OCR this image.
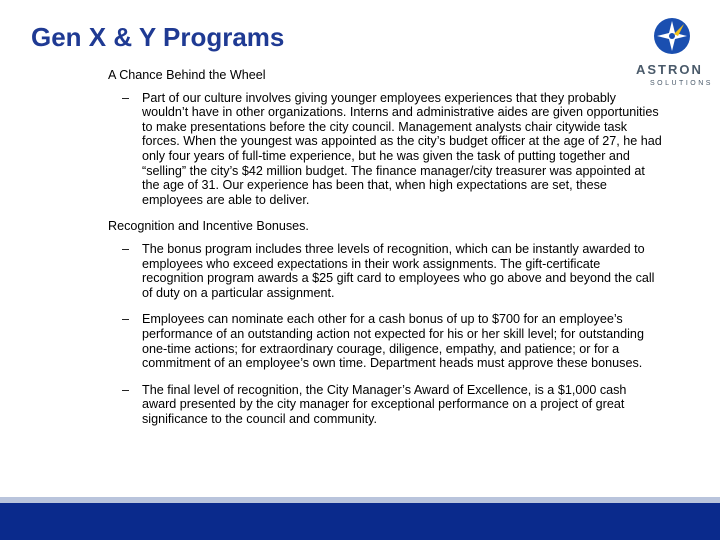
Gen X & Y Programs
ASTRON
SOLUTIONS

A Chance Behind the Wheel

– Part of our culture involves giving younger employees experiences that they probably wouldn’t have in other organizations. Interns and administrative aides are given opportunities to make presentations before the city council. Management analysts chair citywide task forces. When the youngest was appointed as the city’s budget officer at the age of 27, he had only four years of full-time experience, but he was given the task of putting together and “selling” the city’s $42 million budget. The finance manager/city treasurer was appointed at the age of 31. Our experience has been that, when high expectations are set, these employees are able to deliver.

Recognition and Incentive Bonuses.

– The bonus program includes three levels of recognition, which can be instantly awarded to employees who exceed expectations in their work assignments. The gift-certificate recognition program awards a $25 gift card to employees who go above and beyond the call of duty on a particular assignment.
– Employees can nominate each other for a cash bonus of up to $700 for an employee’s performance of an outstanding action not expected for his or her skill level; for outstanding one-time actions; for extraordinary courage, diligence, empathy, and patience; or for a commitment of an employee’s own time. Department heads must approve these bonuses.
– The final level of recognition, the City Manager’s Award of Excellence, is a $1,000 cash award presented by the city manager for exceptional performance on a project of great significance to the council and community.
